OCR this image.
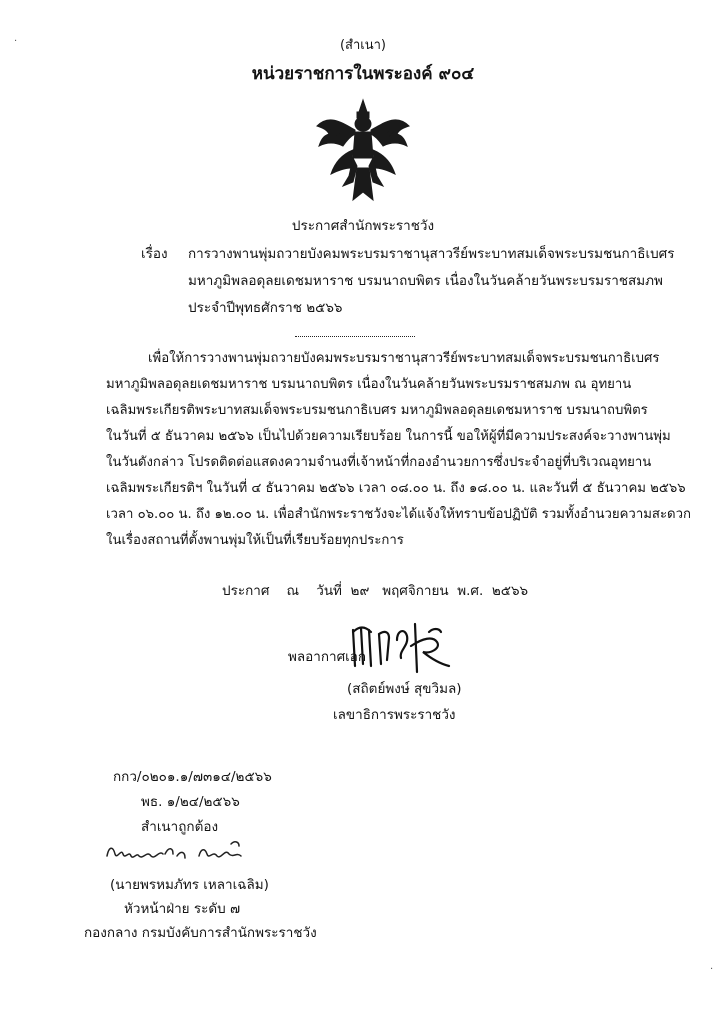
·
·
(สำเนา)
หน่วยราชการในพระองค์ ๙๐๔
ประกาศสำนักพระราชวัง
เรื่อง การวางพานพุ่มถวายบังคมพระบรมราชานุสาวรีย์พระบาทสมเด็จพระบรมชนกาธิเบศร
มหาภูมิพลอดุลยเดชมหาราช บรมนาถบพิตร เนื่องในวันคล้ายวันพระบรมราชสมภพ
ประจำปีพุทธศักราช ๒๕๖๖
เพื่อให้การวางพานพุ่มถวายบังคมพระบรมราชานุสาวรีย์พระบาทสมเด็จพระบรมชนกาธิเบศร
มหาภูมิพลอดุลยเดชมหาราช บรมนาถบพิตร เนื่องในวันคล้ายวันพระบรมราชสมภพ ณ อุทยาน
เฉลิมพระเกียรติพระบาทสมเด็จพระบรมชนกาธิเบศร มหาภูมิพลอดุลยเดชมหาราช บรมนาถบพิตร
ในวันที่ ๕ ธันวาคม ๒๕๖๖ เป็นไปด้วยความเรียบร้อย ในการนี้ ขอให้ผู้ที่มีความประสงค์จะวางพานพุ่ม
ในวันดังกล่าว โปรดติดต่อแสดงความจำนงที่เจ้าหน้าที่กองอำนวยการซึ่งประจำอยู่ที่บริเวณอุทยาน
เฉลิมพระเกียรติฯ ในวันที่ ๔ ธันวาคม ๒๕๖๖ เวลา ๐๘.๐๐ น. ถึง ๑๘.๐๐ น. และวันที่ ๕ ธันวาคม ๒๕๖๖
เวลา ๐๖.๐๐ น. ถึง ๑๒.๐๐ น. เพื่อสำนักพระราชวังจะได้แจ้งให้ทราบข้อปฏิบัติ รวมทั้งอำนวยความสะดวก
ในเรื่องสถานที่ตั้งพานพุ่มให้เป็นที่เรียบร้อยทุกประการ
ประกาศ    ณ    วันที่  ๒๙   พฤศจิกายน  พ.ศ.  ๒๕๖๖
พลอากาศเอก
(สถิตย์พงษ์ สุขวิมล)
เลขาธิการพระราชวัง
กกว/๐๒๐๑.๑/๗๓๑๔/๒๕๖๖
พธ. ๑/๒๔/๒๕๖๖
สำเนาถูกต้อง
(นายพรหมภัทร เหลาเฉลิม)
หัวหน้าฝ่าย ระดับ ๗
กองกลาง กรมบังคับการสำนักพระราชวัง
